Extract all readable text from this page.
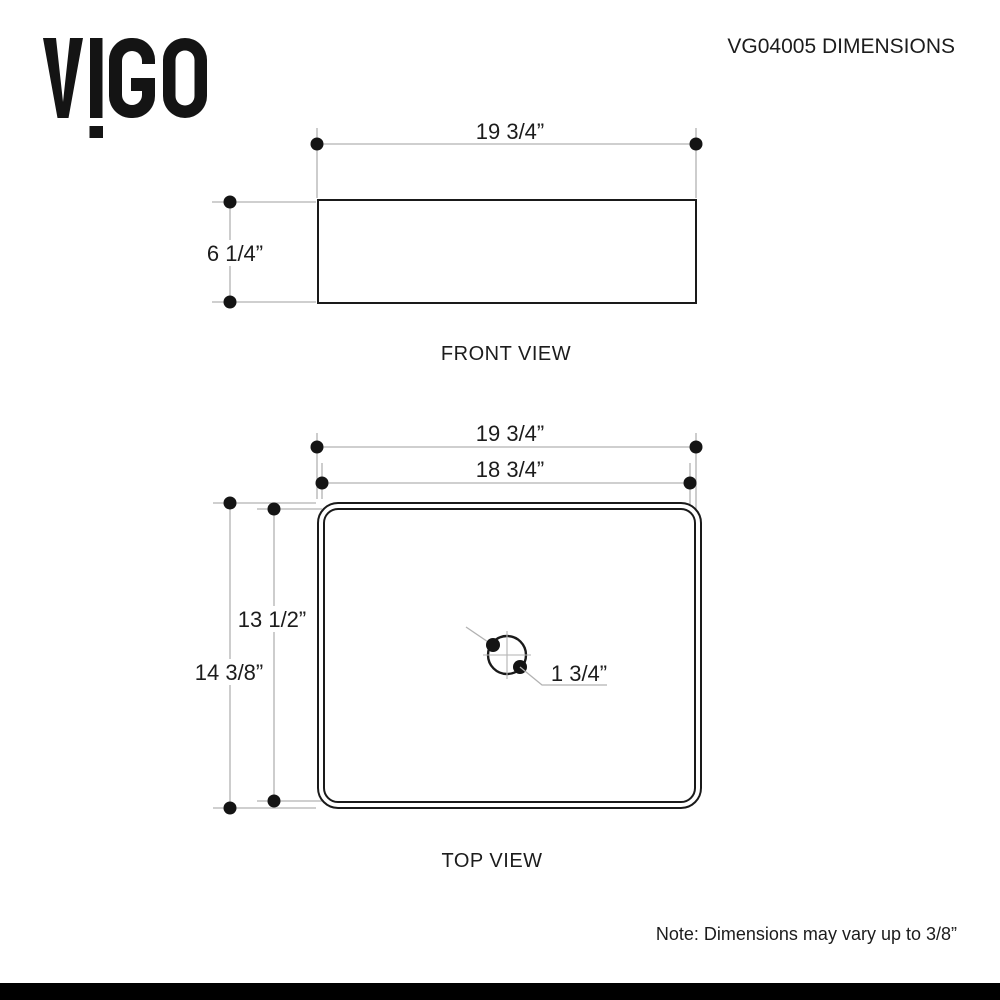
VG04005 DIMENSIONS
19 3/4”
6 1/4”
FRONT VIEW
19 3/4”
18 3/4”
14 3/8”
13 1/2”
1 3/4”
TOP VIEW
Note: Dimensions may vary up to 3/8”
